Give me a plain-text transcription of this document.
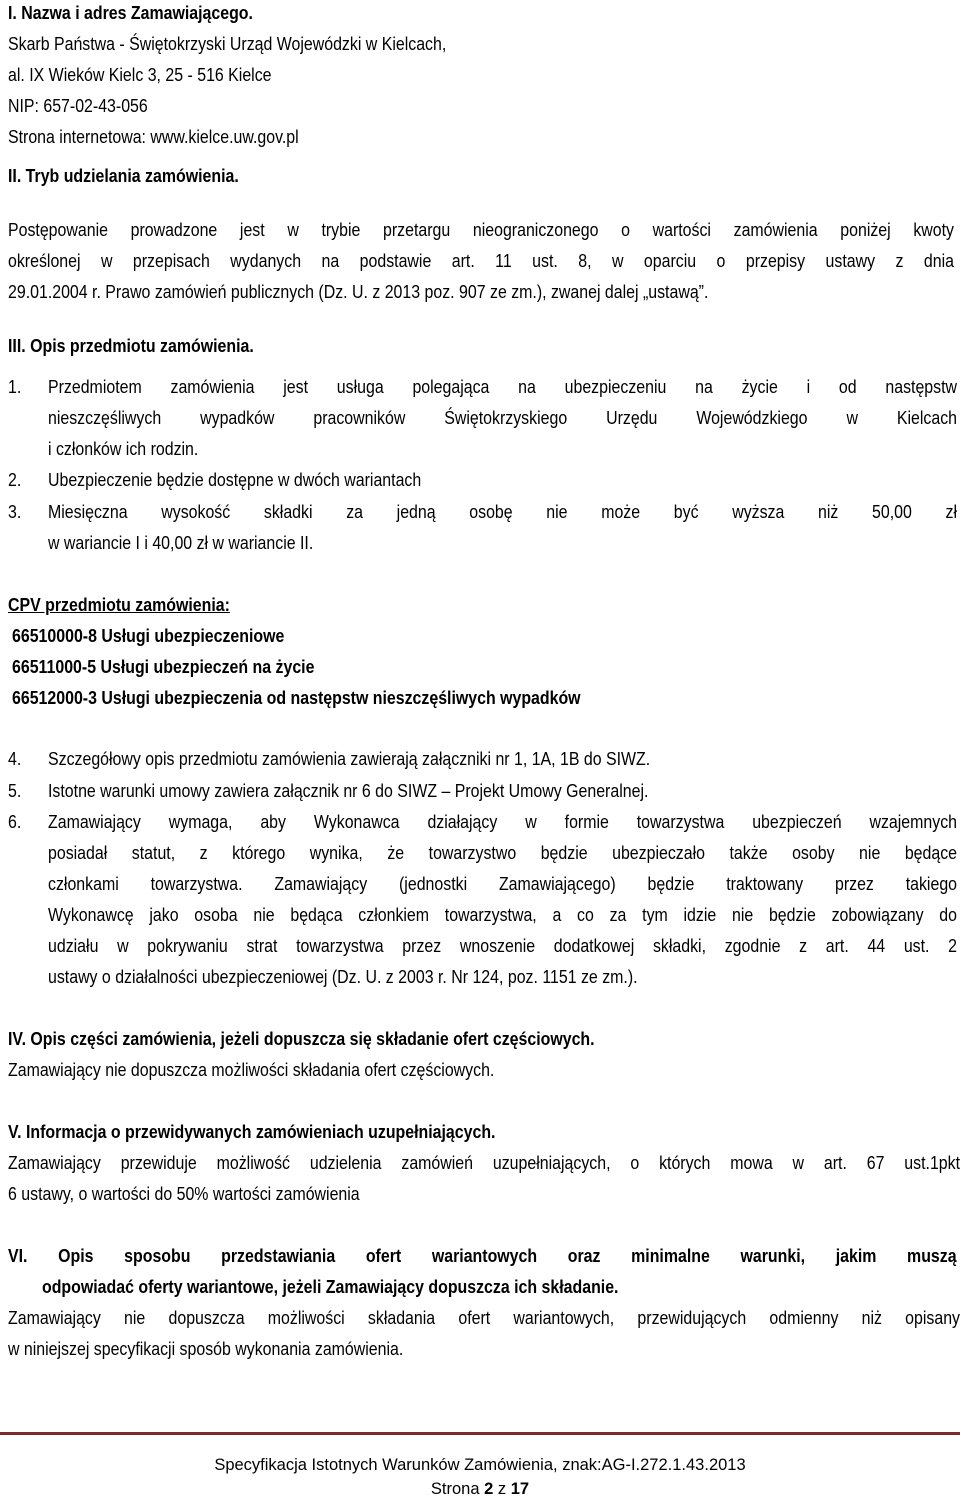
I. Nazwa i adres Zamawiającego.
Skarb Państwa - Świętokrzyski Urząd Wojewódzki w Kielcach,
al. IX Wieków Kielc 3, 25 - 516 Kielce
NIP: 657-02-43-056
Strona internetowa: www.kielce.uw.gov.pl
II. Tryb udzielania zamówienia.
Postępowanie prowadzone jest w trybie przetargu nieograniczonego o wartości zamówienia poniżej kwoty
określonej w przepisach wydanych na podstawie art. 11 ust. 8, w oparciu o przepisy ustawy z dnia
29.01.2004 r. Prawo zamówień publicznych (Dz. U. z 2013 poz. 907 ze zm.), zwanej dalej „ustawą”.
III. Opis przedmiotu zamówienia.
1. Przedmiotem zamówienia jest usługa polegająca na ubezpieczeniu na życie i od następstw
nieszczęśliwych wypadków pracowników Świętokrzyskiego Urzędu Wojewódzkiego w Kielcach
i członków ich rodzin.
2. Ubezpieczenie będzie dostępne w dwóch wariantach
3. Miesięczna wysokość składki za jedną osobę nie może być wyższa niż 50,00 zł
w wariancie I i 40,00 zł w wariancie II.
CPV przedmiotu zamówienia:
66510000-8 Usługi ubezpieczeniowe
66511000-5 Usługi ubezpieczeń na życie
66512000-3 Usługi ubezpieczenia od następstw nieszczęśliwych wypadków
4. Szczegółowy opis przedmiotu zamówienia zawierają załączniki nr 1, 1A, 1B do SIWZ.
5. Istotne warunki umowy zawiera załącznik nr 6 do SIWZ – Projekt Umowy Generalnej.
6. Zamawiający wymaga, aby Wykonawca działający w formie towarzystwa ubezpieczeń wzajemnych
posiadał statut, z którego wynika, że towarzystwo będzie ubezpieczało także osoby nie będące
członkami towarzystwa. Zamawiający (jednostki Zamawiającego) będzie traktowany przez takiego
Wykonawcę jako osoba nie będąca członkiem towarzystwa, a co za tym idzie nie będzie zobowiązany do
udziału w pokrywaniu strat towarzystwa przez wnoszenie dodatkowej składki, zgodnie z art. 44 ust. 2
ustawy o działalności ubezpieczeniowej (Dz. U. z 2003 r. Nr 124, poz. 1151 ze zm.).
IV. Opis części zamówienia, jeżeli dopuszcza się składanie ofert częściowych.
Zamawiający nie dopuszcza możliwości składania ofert częściowych.
V. Informacja o przewidywanych zamówieniach uzupełniających.
Zamawiający przewiduje możliwość udzielenia zamówień uzupełniających, o których mowa w art. 67 ust.1pkt
6 ustawy, o wartości do 50% wartości zamówienia
VI. Opis sposobu przedstawiania ofert wariantowych oraz minimalne warunki, jakim muszą
odpowiadać oferty wariantowe, jeżeli Zamawiający dopuszcza ich składanie.
Zamawiający nie dopuszcza możliwości składania ofert wariantowych, przewidujących odmienny niż opisany
w niniejszej specyfikacji sposób wykonania zamówienia.
Specyfikacja Istotnych Warunków Zamówienia, znak:AG-I.272.1.43.2013
Strona 2 z 17
